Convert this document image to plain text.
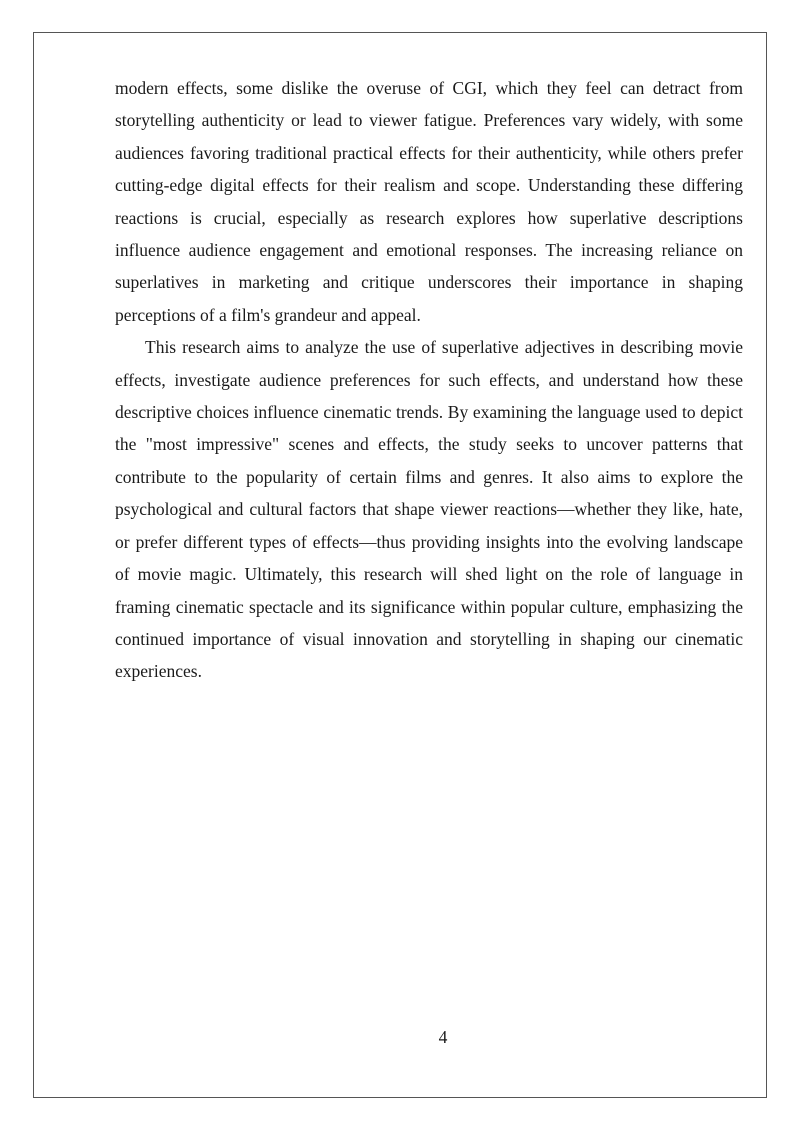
modern effects, some dislike the overuse of CGI, which they feel can detract from storytelling authenticity or lead to viewer fatigue. Preferences vary widely, with some audiences favoring traditional practical effects for their authenticity, while others prefer cutting-edge digital effects for their realism and scope. Understanding these differing reactions is crucial, especially as research explores how superlative descriptions influence audience engagement and emotional responses. The increasing reliance on superlatives in marketing and critique underscores their importance in shaping perceptions of a film's grandeur and appeal.

This research aims to analyze the use of superlative adjectives in describing movie effects, investigate audience preferences for such effects, and understand how these descriptive choices influence cinematic trends. By examining the language used to depict the "most impressive" scenes and effects, the study seeks to uncover patterns that contribute to the popularity of certain films and genres. It also aims to explore the psychological and cultural factors that shape viewer reactions—whether they like, hate, or prefer different types of effects—thus providing insights into the evolving landscape of movie magic. Ultimately, this research will shed light on the role of language in framing cinematic spectacle and its significance within popular culture, emphasizing the continued importance of visual innovation and storytelling in shaping our cinematic experiences.

4
